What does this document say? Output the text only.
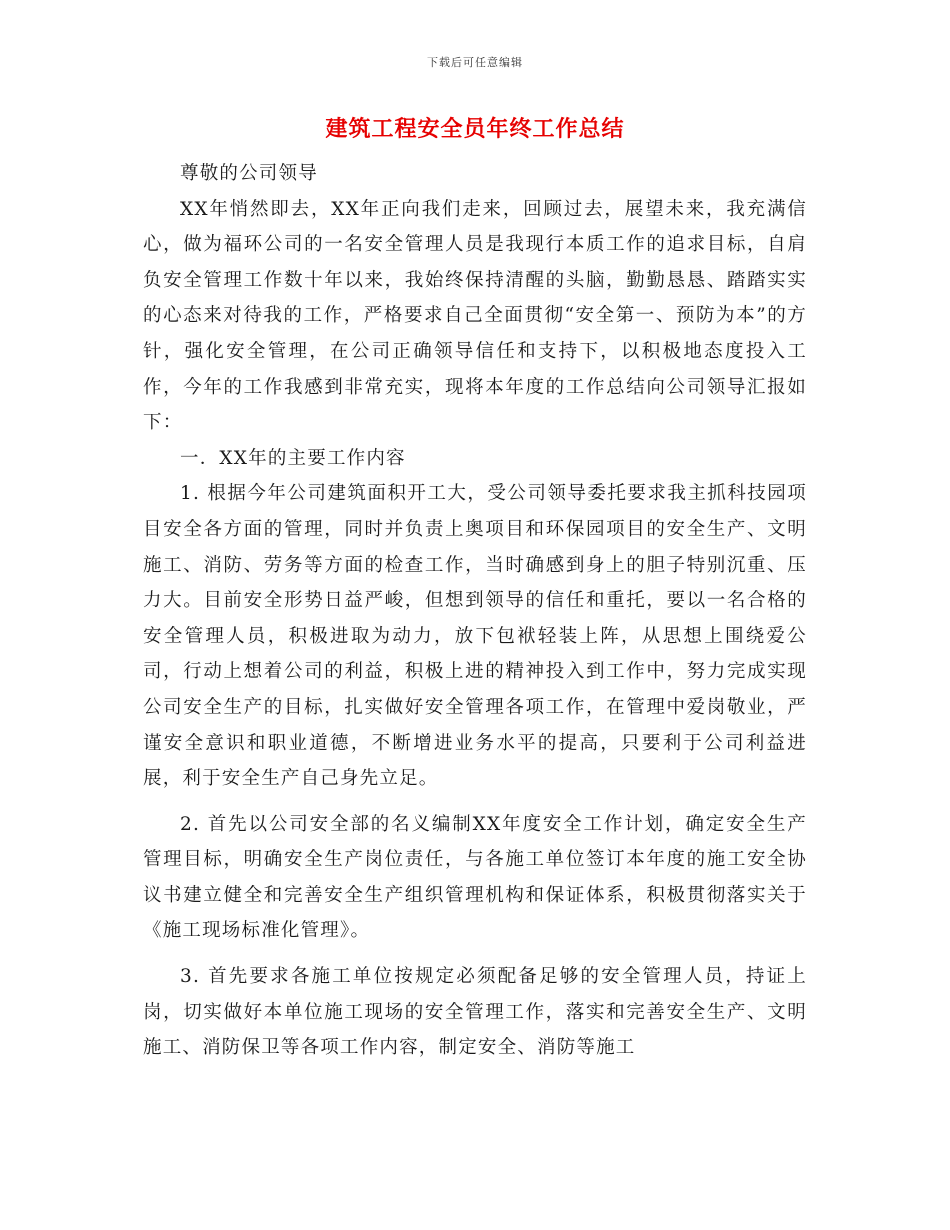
下载后可任意编辑
建筑工程安全员年终工作总结

尊敬的公司领导

XX年悄然即去，XX年正向我们走来，回顾过去，展望未来，我充满信心，做为福环公司的一名安全管理人员是我现行本质工作的追求目标，自肩负安全管理工作数十年以来，我始终保持清醒的头脑，勤勤恳恳、踏踏实实的心态来对待我的工作，严格要求自己全面贯彻“安全第一、预防为本”的方针，强化安全管理，在公司正确领导信任和支持下，以积极地态度投入工作，今年的工作我感到非常充实，现将本年度的工作总结向公司领导汇报如下：

一．XX年的主要工作内容

1. 根据今年公司建筑面积开工大，受公司领导委托要求我主抓科技园项目安全各方面的管理，同时并负责上奥项目和环保园项目的安全生产、文明施工、消防、劳务等方面的检查工作，当时确感到身上的胆子特别沉重、压力大。目前安全形势日益严峻，但想到领导的信任和重托，要以一名合格的安全管理人员，积极进取为动力，放下包袱轻装上阵，从思想上围绕爱公司，行动上想着公司的利益，积极上进的精神投入到工作中，努力完成实现公司安全生产的目标，扎实做好安全管理各项工作，在管理中爱岗敬业，严谨安全意识和职业道德，不断增进业务水平的提高，只要利于公司利益进展，利于安全生产自己身先立足。

2. 首先以公司安全部的名义编制XX年度安全工作计划，确定安全生产管理目标，明确安全生产岗位责任，与各施工单位签订本年度的施工安全协议书建立健全和完善安全生产组织管理机构和保证体系，积极贯彻落实关于《施工现场标准化管理》。

3. 首先要求各施工单位按规定必须配备足够的安全管理人员，持证上岗，切实做好本单位施工现场的安全管理工作，落实和完善安全生产、文明施工、消防保卫等各项工作内容，制定安全、消防等施工
